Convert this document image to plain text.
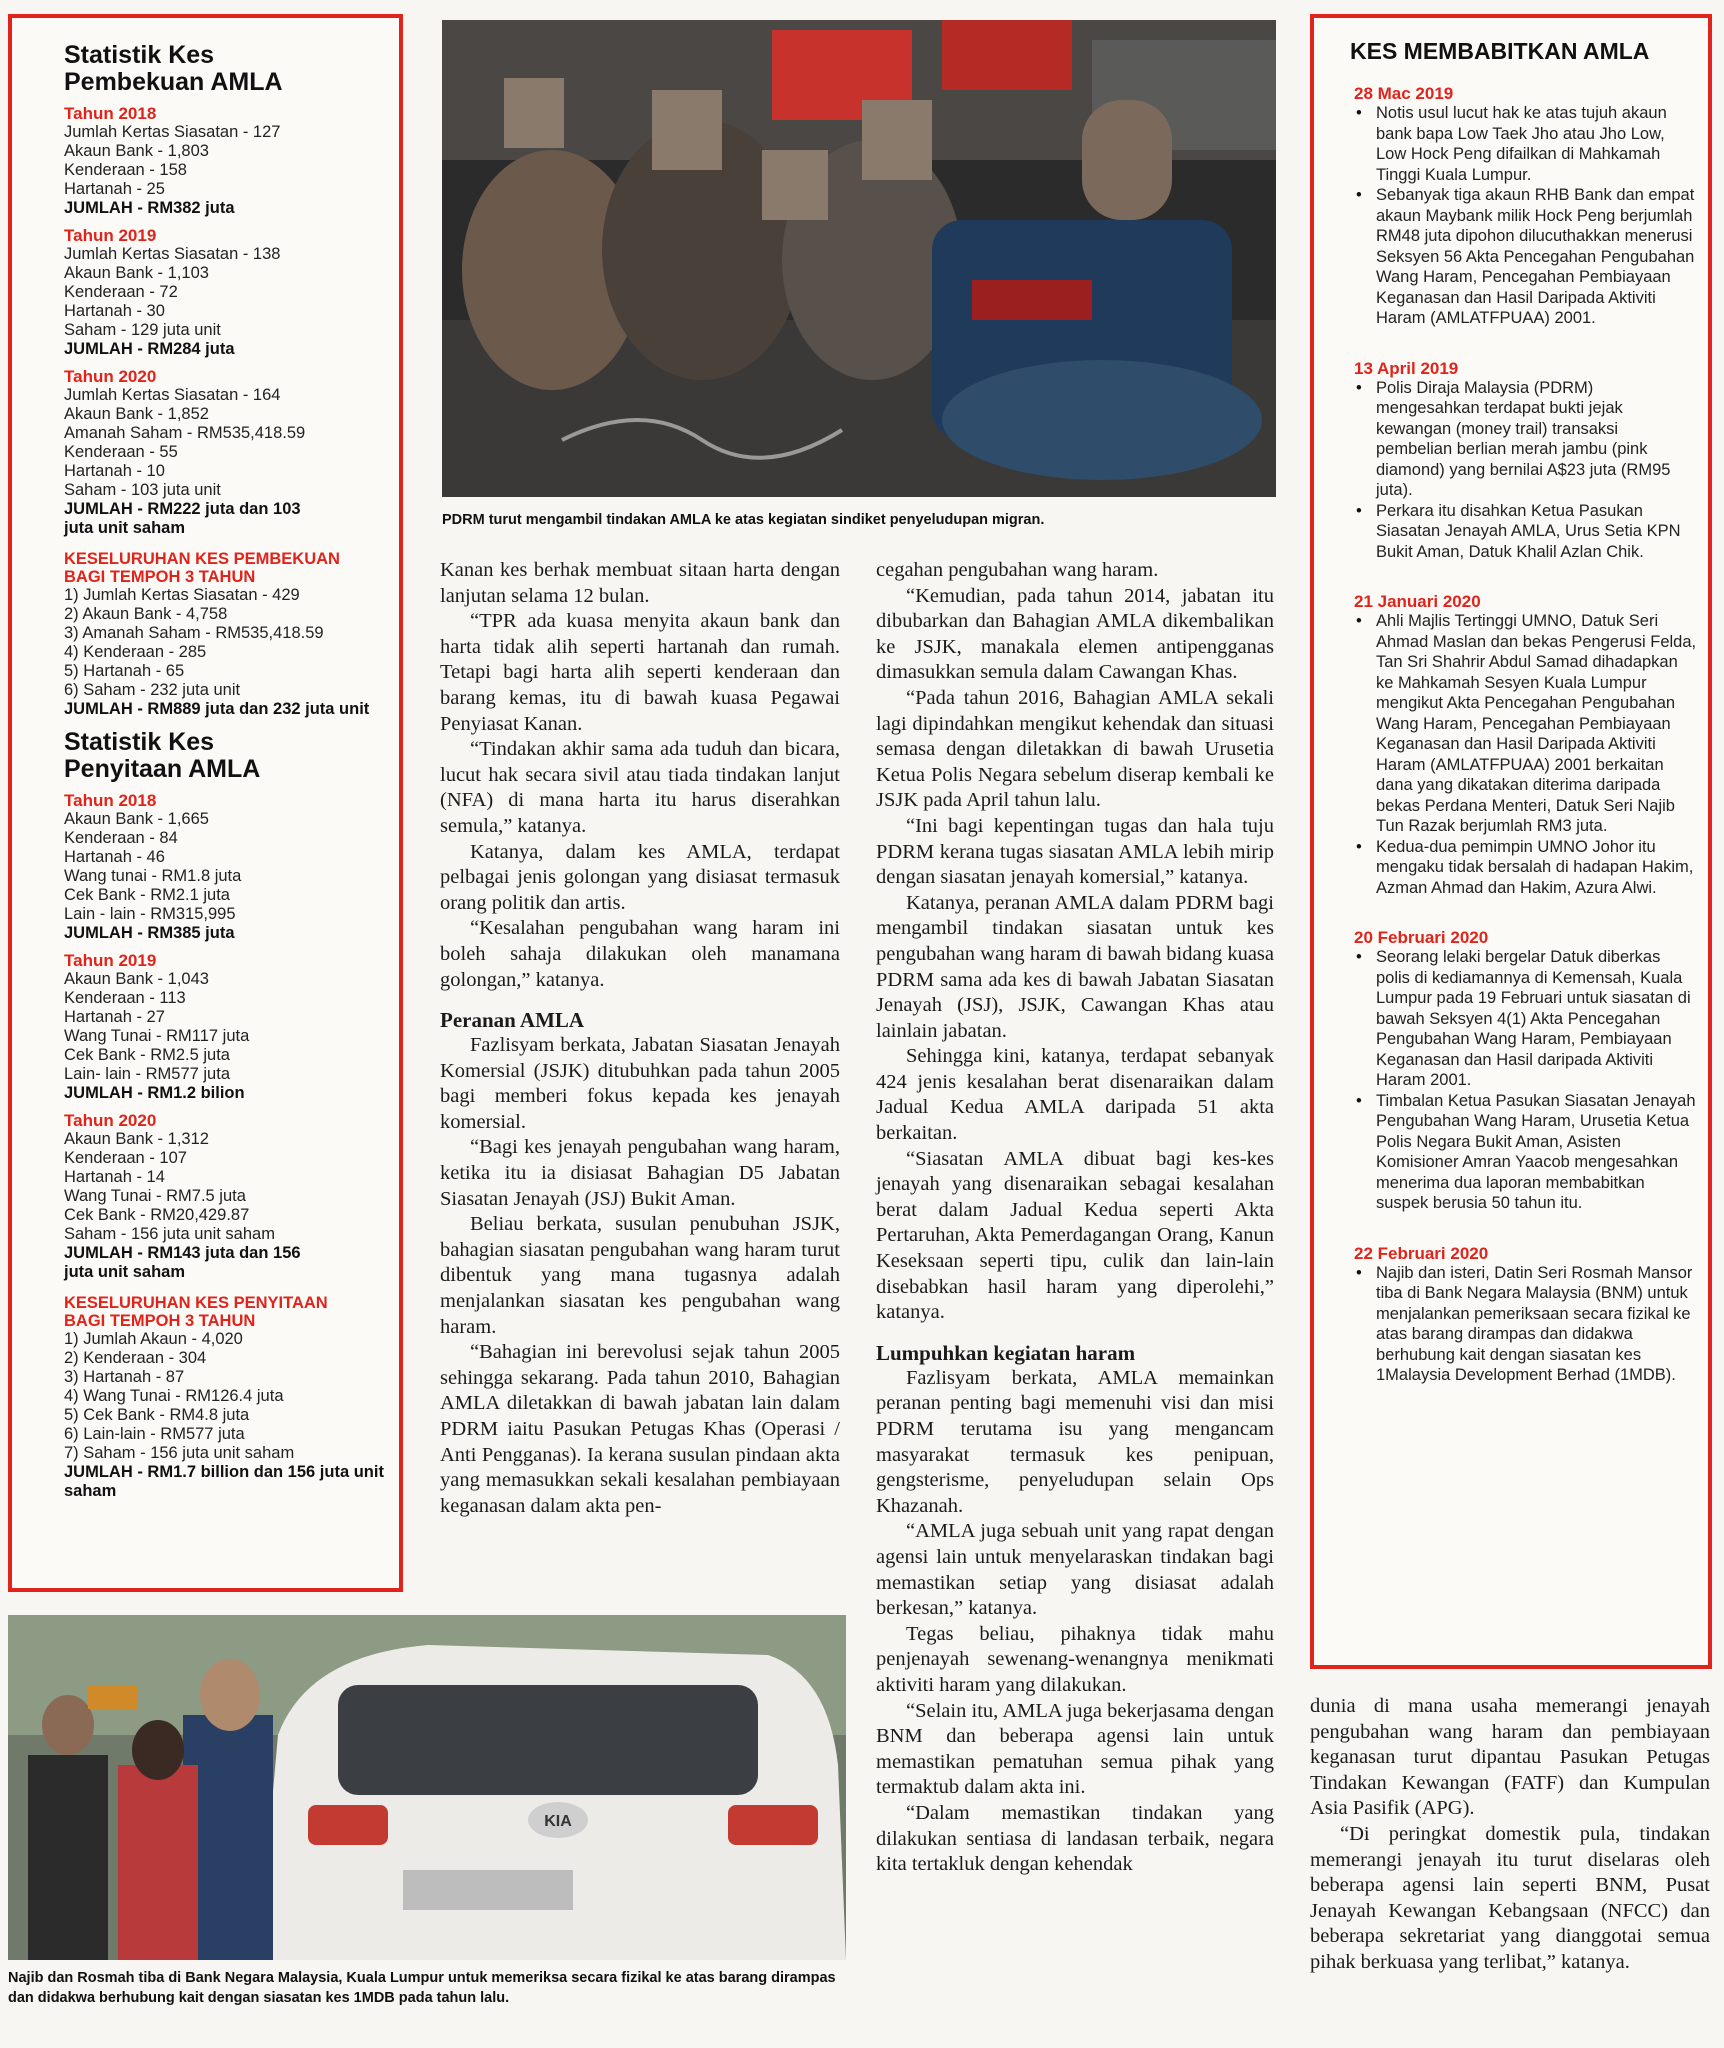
Statistik Kes Pembekuan AMLA
Tahun 2018
Jumlah Kertas Siasatan - 127
Akaun Bank - 1,803
Kenderaan - 158
Hartanah - 25
JUMLAH - RM382 juta
Tahun 2019
Jumlah Kertas Siasatan - 138
Akaun Bank - 1,103
Kenderaan - 72
Hartanah - 30
Saham - 129 juta unit
JUMLAH - RM284 juta
Tahun 2020
Jumlah Kertas Siasatan - 164
Akaun Bank - 1,852
Amanah Saham - RM535,418.59
Kenderaan - 55
Hartanah - 10
Saham - 103 juta unit
JUMLAH - RM222 juta dan 103 juta unit saham
KESELURUHAN KES PEMBEKUAN BAGI TEMPOH 3 TAHUN
1) Jumlah Kertas Siasatan - 429
2) Akaun Bank - 4,758
3) Amanah Saham - RM535,418.59
4) Kenderaan - 285
5) Hartanah - 65
6) Saham - 232 juta unit
JUMLAH - RM889 juta dan 232 juta unit
Statistik Kes Penyitaan AMLA
Tahun 2018
Akaun Bank - 1,665
Kenderaan - 84
Hartanah - 46
Wang tunai - RM1.8 juta
Cek Bank - RM2.1 juta
Lain - lain - RM315,995
JUMLAH - RM385 juta
Tahun 2019
Akaun Bank - 1,043
Kenderaan - 113
Hartanah - 27
Wang Tunai - RM117 juta
Cek Bank - RM2.5 juta
Lain- lain - RM577 juta
JUMLAH - RM1.2 bilion
Tahun 2020
Akaun Bank - 1,312
Kenderaan - 107
Hartanah - 14
Wang Tunai - RM7.5 juta
Cek Bank - RM20,429.87
Saham - 156 juta unit saham
JUMLAH - RM143 juta dan 156 juta unit saham
KESELURUHAN KES PENYITAAN BAGI TEMPOH 3 TAHUN
1) Jumlah Akaun - 4,020
2) Kenderaan - 304
3) Hartanah - 87
4) Wang Tunai - RM126.4 juta
5) Cek Bank - RM4.8 juta
6) Lain-lain - RM577 juta
7) Saham - 156 juta unit saham
JUMLAH - RM1.7 billion dan 156 juta unit saham
PDRM turut mengambil tindakan AMLA ke atas kegiatan sindiket penyeludupan migran.

Kanan kes berhak membuat sitaan harta dengan lanjutan selama 12 bulan.

“TPR ada kuasa menyita akaun bank dan harta tidak alih seperti hartanah dan rumah. Tetapi bagi harta alih seperti kenderaan dan barang kemas, itu di bawah kuasa Pegawai Penyiasat Kanan.

“Tindakan akhir sama ada tuduh dan bicara, lucut hak secara sivil atau tiada tindakan lanjut (NFA) di mana harta itu harus diserahkan semula,” katanya.

Katanya, dalam kes AMLA, terdapat pelbagai jenis golongan yang disiasat termasuk orang politik dan artis.

“Kesalahan pengubahan wang haram ini boleh sahaja dilakukan oleh manamana golongan,” katanya.

Peranan AMLA

Fazlisyam berkata, Jabatan Siasatan Jenayah Komersial (JSJK) ditubuhkan pada tahun 2005 bagi memberi fokus kepada kes jenayah komersial.

“Bagi kes jenayah pengubahan wang haram, ketika itu ia disiasat Bahagian D5 Jabatan Siasatan Jenayah (JSJ) Bukit Aman.

Beliau berkata, susulan penubuhan JSJK, bahagian siasatan pengubahan wang haram turut dibentuk yang mana tugasnya adalah menjalankan siasatan kes pengubahan wang haram.

“Bahagian ini berevolusi sejak tahun 2005 sehingga sekarang. Pada tahun 2010, Bahagian AMLA diletakkan di bawah jabatan lain dalam PDRM iaitu Pasukan Petugas Khas (Operasi / Anti Pengganas). Ia kerana susulan pindaan akta yang memasukkan sekali kesalahan pembiayaan keganasan dalam akta pen-

cegahan pengubahan wang haram.

“Kemudian, pada tahun 2014, jabatan itu dibubarkan dan Bahagian AMLA dikembalikan ke JSJK, manakala elemen antipengganas dimasukkan semula dalam Cawangan Khas.

“Pada tahun 2016, Bahagian AMLA sekali lagi dipindahkan mengikut kehendak dan situasi semasa dengan diletakkan di bawah Urusetia Ketua Polis Negara sebelum diserap kembali ke JSJK pada April tahun lalu.

“Ini bagi kepentingan tugas dan hala tuju PDRM kerana tugas siasatan AMLA lebih mirip dengan siasatan jenayah komersial,” katanya.

Katanya, peranan AMLA dalam PDRM bagi mengambil tindakan siasatan untuk kes pengubahan wang haram di bawah bidang kuasa PDRM sama ada kes di bawah Jabatan Siasatan Jenayah (JSJ), JSJK, Cawangan Khas atau lainlain jabatan.

Sehingga kini, katanya, terdapat sebanyak 424 jenis kesalahan berat disenaraikan dalam Jadual Kedua AMLA daripada 51 akta berkaitan.

“Siasatan AMLA dibuat bagi kes-kes jenayah yang disenaraikan sebagai kesalahan berat dalam Jadual Kedua seperti Akta Pertaruhan, Akta Pemerdagangan Orang, Kanun Keseksaan seperti tipu, culik dan lain-lain disebabkan hasil haram yang diperolehi,” katanya.

Lumpuhkan kegiatan haram

Fazlisyam berkata, AMLA memainkan peranan penting bagi memenuhi visi dan misi PDRM terutama isu yang mengancam masyarakat termasuk kes penipuan, gengsterisme, penyeludupan selain Ops Khazanah.

“AMLA juga sebuah unit yang rapat dengan agensi lain untuk menyelaraskan tindakan bagi memastikan setiap yang disiasat adalah berkesan,” katanya.

Tegas beliau, pihaknya tidak mahu penjenayah sewenang-wenangnya menikmati aktiviti haram yang dilakukan.

“Selain itu, AMLA juga bekerjasama dengan BNM dan beberapa agensi lain untuk memastikan pematuhan semua pihak yang termaktub dalam akta ini.

“Dalam memastikan tindakan yang dilakukan sentiasa di landasan terbaik, negara kita tertakluk dengan kehendak

KIA
Najib dan Rosmah tiba di Bank Negara Malaysia, Kuala Lumpur untuk memeriksa secara fizikal ke atas barang dirampas dan didakwa berhubung kait dengan siasatan kes 1MDB pada tahun lalu.
KES MEMBABITKAN AMLA
28 Mac 2019
• Notis usul lucut hak ke atas tujuh akaun bank bapa Low Taek Jho atau Jho Low, Low Hock Peng difailkan di Mahkamah Tinggi Kuala Lumpur.
• Sebanyak tiga akaun RHB Bank dan empat akaun Maybank milik Hock Peng berjumlah RM48 juta dipohon dilucuthakkan menerusi Seksyen 56 Akta Pencegahan Pengubahan Wang Haram, Pencegahan Pembiayaan Keganasan dan Hasil Daripada Aktiviti Haram (AMLATFPUAA) 2001.
13 April 2019
• Polis Diraja Malaysia (PDRM) mengesahkan terdapat bukti jejak kewangan (money trail) transaksi pembelian berlian merah jambu (pink diamond) yang bernilai A$23 juta (RM95 juta).
• Perkara itu disahkan Ketua Pasukan Siasatan Jenayah AMLA, Urus Setia KPN Bukit Aman, Datuk Khalil Azlan Chik.
21 Januari 2020
• Ahli Majlis Tertinggi UMNO, Datuk Seri Ahmad Maslan dan bekas Pengerusi Felda, Tan Sri Shahrir Abdul Samad dihadapkan ke Mahkamah Sesyen Kuala Lumpur mengikut Akta Pencegahan Pengubahan Wang Haram, Pencegahan Pembiayaan Keganasan dan Hasil Daripada Aktiviti Haram (AMLATFPUAA) 2001 berkaitan dana yang dikatakan diterima daripada bekas Perdana Menteri, Datuk Seri Najib Tun Razak berjumlah RM3 juta.
• Kedua-dua pemimpin UMNO Johor itu mengaku tidak bersalah di hadapan Hakim, Azman Ahmad dan Hakim, Azura Alwi.
20 Februari 2020
• Seorang lelaki bergelar Datuk diberkas polis di kediamannya di Kemensah, Kuala Lumpur pada 19 Februari untuk siasatan di bawah Seksyen 4(1) Akta Pencegahan Pengubahan Wang Haram, Pembiayaan Keganasan dan Hasil daripada Aktiviti Haram 2001.
• Timbalan Ketua Pasukan Siasatan Jenayah Pengubahan Wang Haram, Urusetia Ketua Polis Negara Bukit Aman, Asisten Komisioner Amran Yaacob mengesahkan menerima dua laporan membabitkan suspek berusia 50 tahun itu.
22 Februari 2020
• Najib dan isteri, Datin Seri Rosmah Mansor tiba di Bank Negara Malaysia (BNM) untuk menjalankan pemeriksaan secara fizikal ke atas barang dirampas dan didakwa berhubung kait dengan siasatan kes 1Malaysia Development Berhad (1MDB).

dunia di mana usaha memerangi jenayah pengubahan wang haram dan pembiayaan keganasan turut dipantau Pasukan Petugas Tindakan Kewangan (FATF) dan Kumpulan Asia Pasifik (APG).

“Di peringkat domestik pula, tindakan memerangi jenayah itu turut diselaras oleh beberapa agensi lain seperti BNM, Pusat Jenayah Kewangan Kebangsaan (NFCC) dan beberapa sekretariat yang dianggotai semua pihak berkuasa yang terlibat,” katanya.
